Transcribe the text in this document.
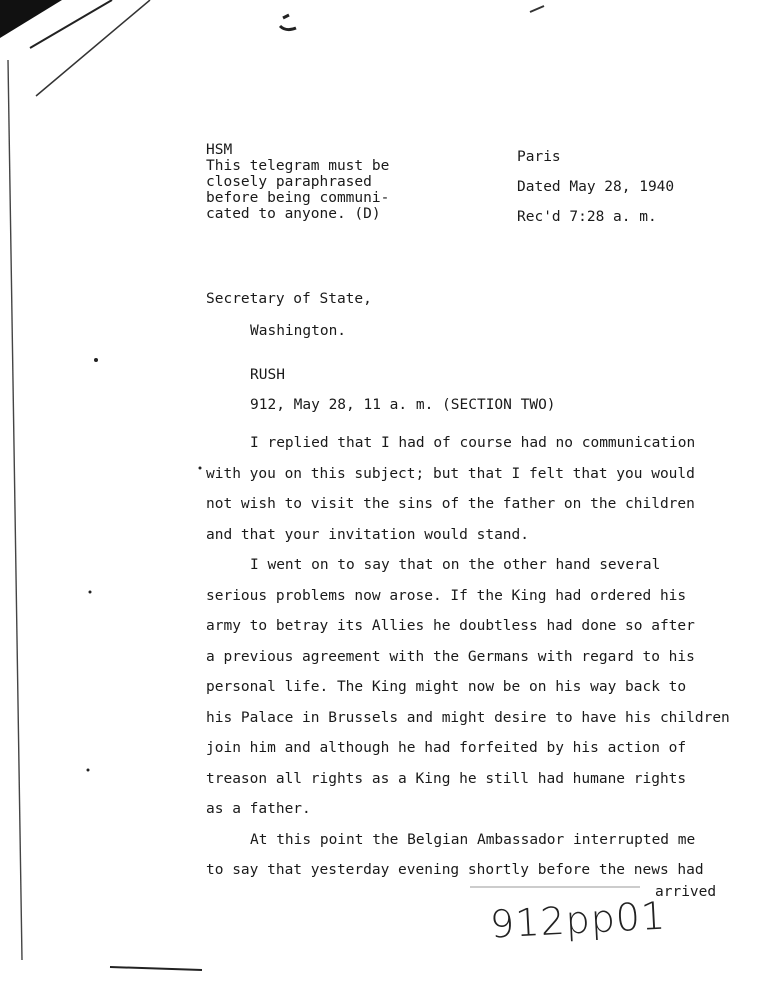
HSM
This telegram must be
closely paraphrased
before being communi-
cated to anyone. (D)
Paris
Dated May 28, 1940
Rec'd 7:28 a. m.
Secretary of State,
Washington.
RUSH
912, May 28, 11 a. m. (SECTION TWO)
I replied that I had of course had no communication
with you on this subject; but that I felt that you would
not wish to visit the sins of the father on the children
and that your invitation would stand.
I went on to say that on the other hand several
serious problems now arose. If the King had ordered his
army to betray its Allies he doubtless had done so after
a previous agreement with the Germans with regard to his
personal life. The King might now be on his way back to
his Palace in Brussels and might desire to have his children
join him and although he had forfeited by his action of
treason all rights as a King he still had humane rights
as a father.
At this point the Belgian Ambassador interrupted me
to say that yesterday evening shortly before the news had
arrived
912pp01
